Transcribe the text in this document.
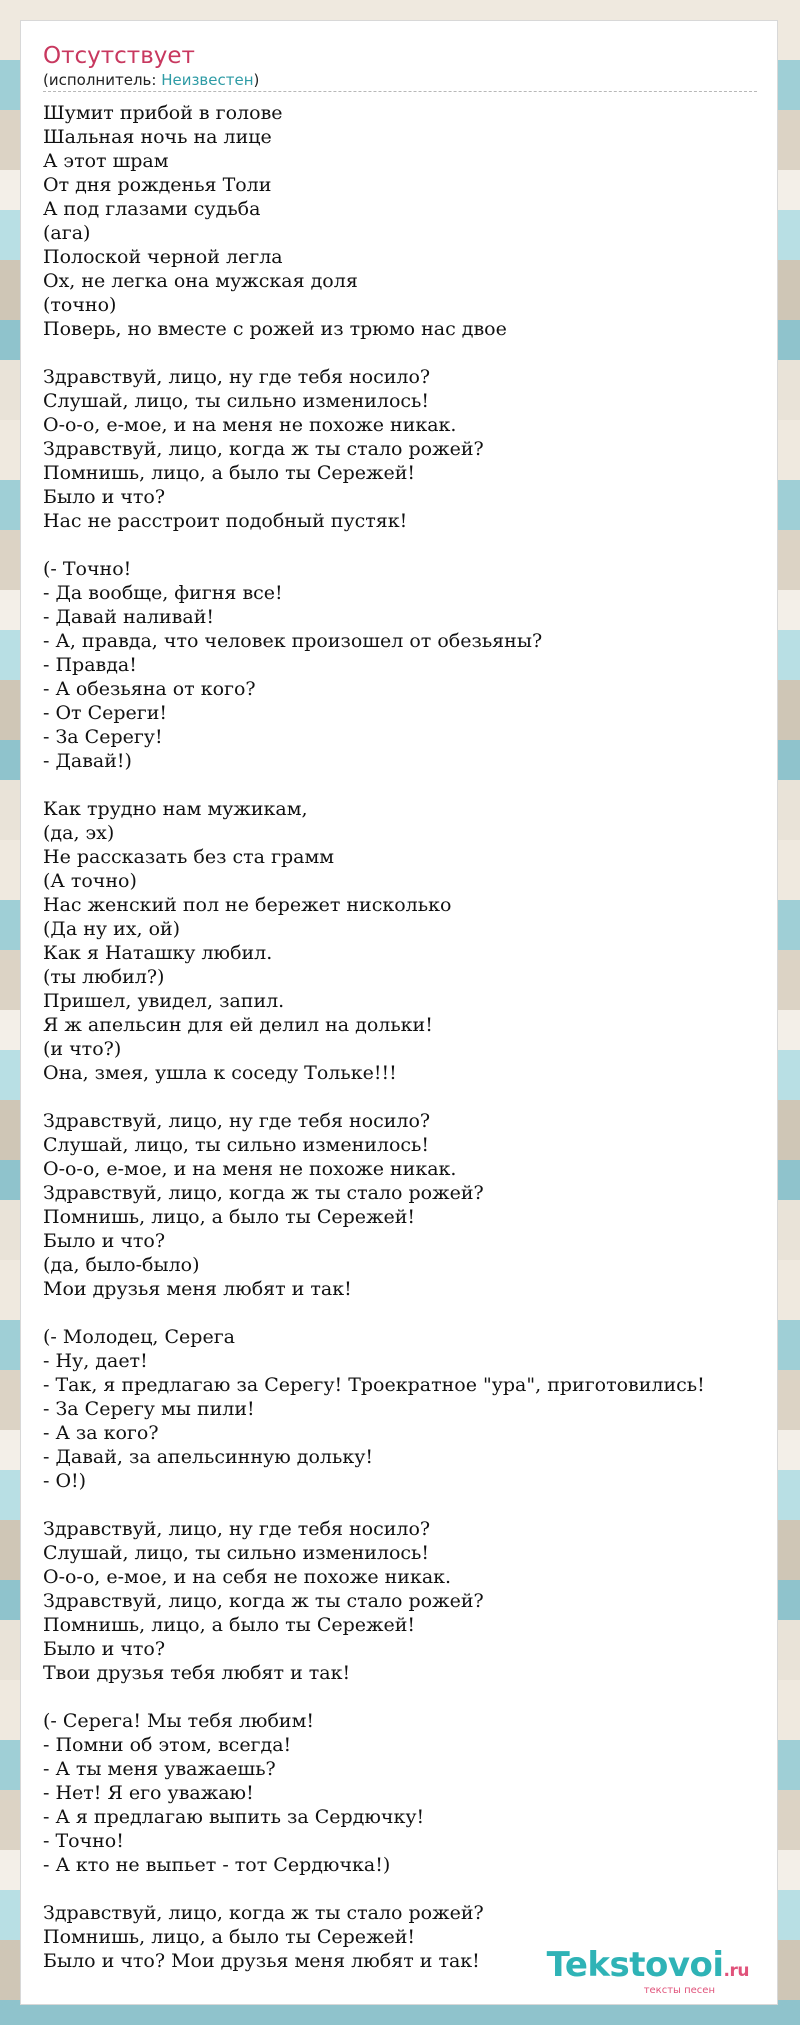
Отсутствует
(исполнитель: Неизвестен)
Шумит прибой в голове
Шальная ночь на лице
А этот шрам
От дня рожденья Толи
А под глазами судьба
(ага)
Полоской черной легла
Ох, не легка она мужская доля
(точно)
Поверь, но вместе с рожей из трюмо нас двое
Здравствуй, лицо, ну где тебя носило?
Слушай, лицо, ты сильно изменилось!
О-о-о, е-мое, и на меня не похоже никак.
Здравствуй, лицо, когда ж ты стало рожей?
Помнишь, лицо, а было ты Сережей!
Было и что?
Нас не расстроит подобный пустяк!
(- Точно!
- Да вообще, фигня все!
- Давай наливай!
- А, правда, что человек произошел от обезьяны?
- Правда!
- А обезьяна от кого?
- От Сереги!
- За Серегу!
- Давай!)
Как трудно нам мужикам,
(да, эх)
Не рассказать без ста грамм
(А точно)
Нас женский пол не бережет нисколько
(Да ну их, ой)
Как я Наташку любил.
(ты любил?)
Пришел, увидел, запил.
Я ж апельсин для ей делил на дольки!
(и что?)
Она, змея, ушла к соседу Тольке!!!
Здравствуй, лицо, ну где тебя носило?
Слушай, лицо, ты сильно изменилось!
О-о-о, е-мое, и на меня не похоже никак.
Здравствуй, лицо, когда ж ты стало рожей?
Помнишь, лицо, а было ты Сережей!
Было и что?
(да, было-было)
Мои друзья меня любят и так!
(- Молодец, Серега
- Ну, дает!
- Так, я предлагаю за Серегу! Троекратное "ура", приготовились!
- За Серегу мы пили!
- А за кого?
- Давай, за апельсинную дольку!
- О!)
Здравствуй, лицо, ну где тебя носило?
Слушай, лицо, ты сильно изменилось!
О-о-о, е-мое, и на себя не похоже никак.
Здравствуй, лицо, когда ж ты стало рожей?
Помнишь, лицо, а было ты Сережей!
Было и что?
Твои друзья тебя любят и так!
(- Серега! Мы тебя любим!
- Помни об этом, всегда!
- А ты меня уважаешь?
- Нет! Я его уважаю!
- А я предлагаю выпить за Сердючку!
- Точно!
- А кто не выпьет - тот Сердючка!)
Здравствуй, лицо, когда ж ты стало рожей?
Помнишь, лицо, а было ты Сережей!
Было и что? Мои друзья меня любят и так!	Tekstovoi.ru
тексты песен
